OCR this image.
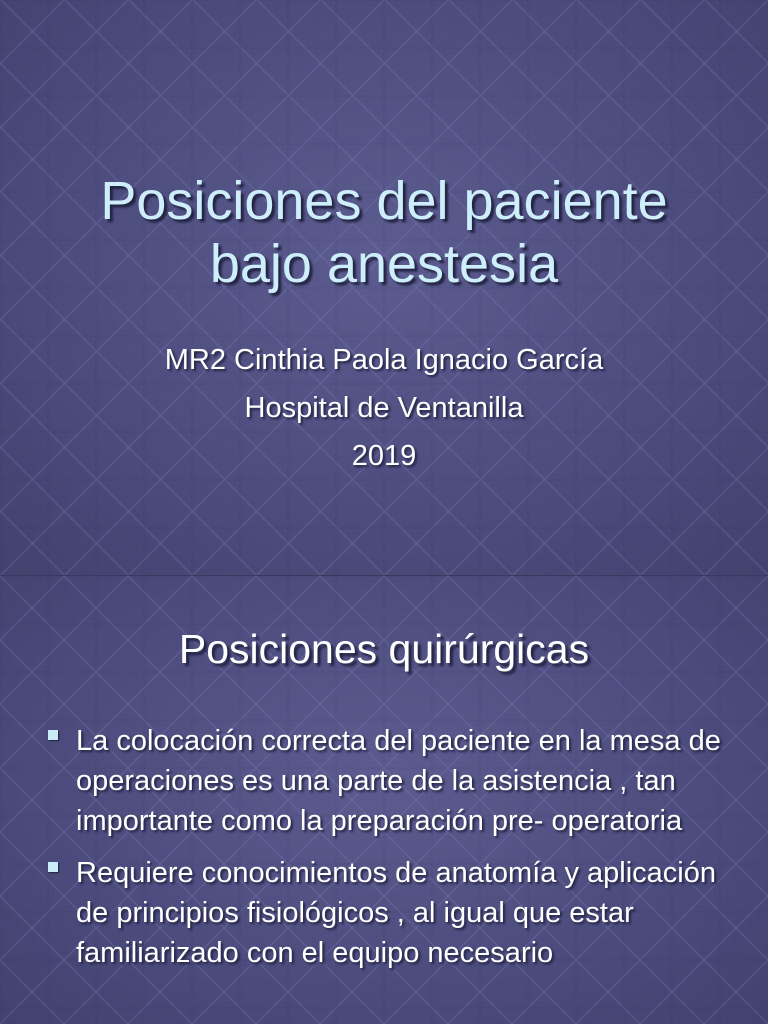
Posiciones del paciente
bajo anestesia
MR2 Cinthia Paola Ignacio García
Hospital de Ventanilla
2019
Posiciones quirúrgicas
La colocación correcta del paciente en la mesa de operaciones es una parte de la asistencia , tan importante como la preparación pre- operatoria
Requiere conocimientos de anatomía y aplicación de principios fisiológicos , al igual que estar familiarizado con el equipo necesario
